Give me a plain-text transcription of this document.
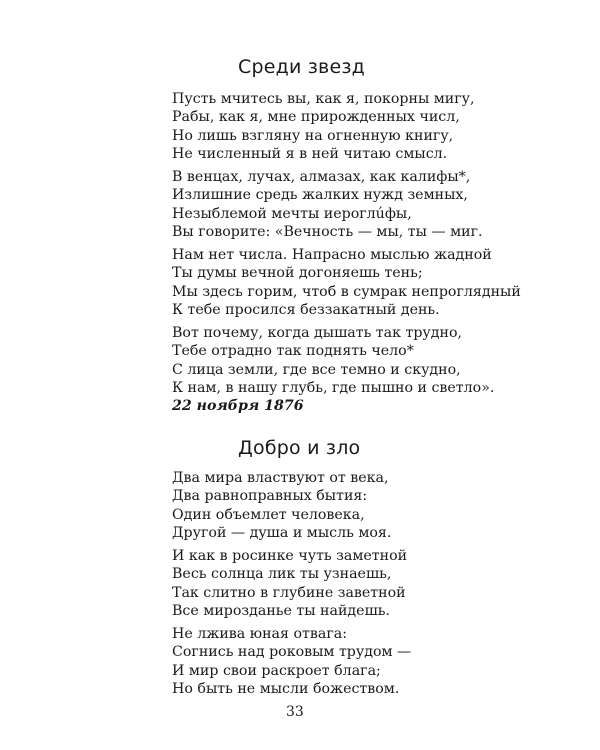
Среди звезд
Пусть мчитесь вы, как я, покорны мигу,
Рабы, как я, мне прирожденных числ,
Но лишь взгляну на огненную книгу,
Не численный я в ней читаю смысл.
В венцах, лучах, алмазах, как калифы*,
Излишние средь жалких нужд земных,
Незыблемой мечты иероглúфы,
Вы говорите: «Вечность — мы, ты — миг.
Нам нет числа. Напрасно мыслью жадной
Ты думы вечной догоняешь тень;
Мы здесь горим, чтоб в сумрак непроглядный
К тебе просился беззакатный день.
Вот почему, когда дышать так трудно,
Тебе отрадно так поднять чело*
С лица земли, где все темно и скудно,
К нам, в нашу глубь, где пышно и светло».
22 ноября 1876
Добро и зло
Два мира властвуют от века,
Два равноправных бытия:
Один объемлет человека,
Другой — душа и мысль моя.
И как в росинке чуть заметной
Весь солнца лик ты узнаешь,
Так слитно в глубине заветной
Все мирозданье ты найдешь.
Не лжива юная отвага:
Согнись над роковым трудом —
И мир свои раскроет блага;
Но быть не мысли божеством.
33
